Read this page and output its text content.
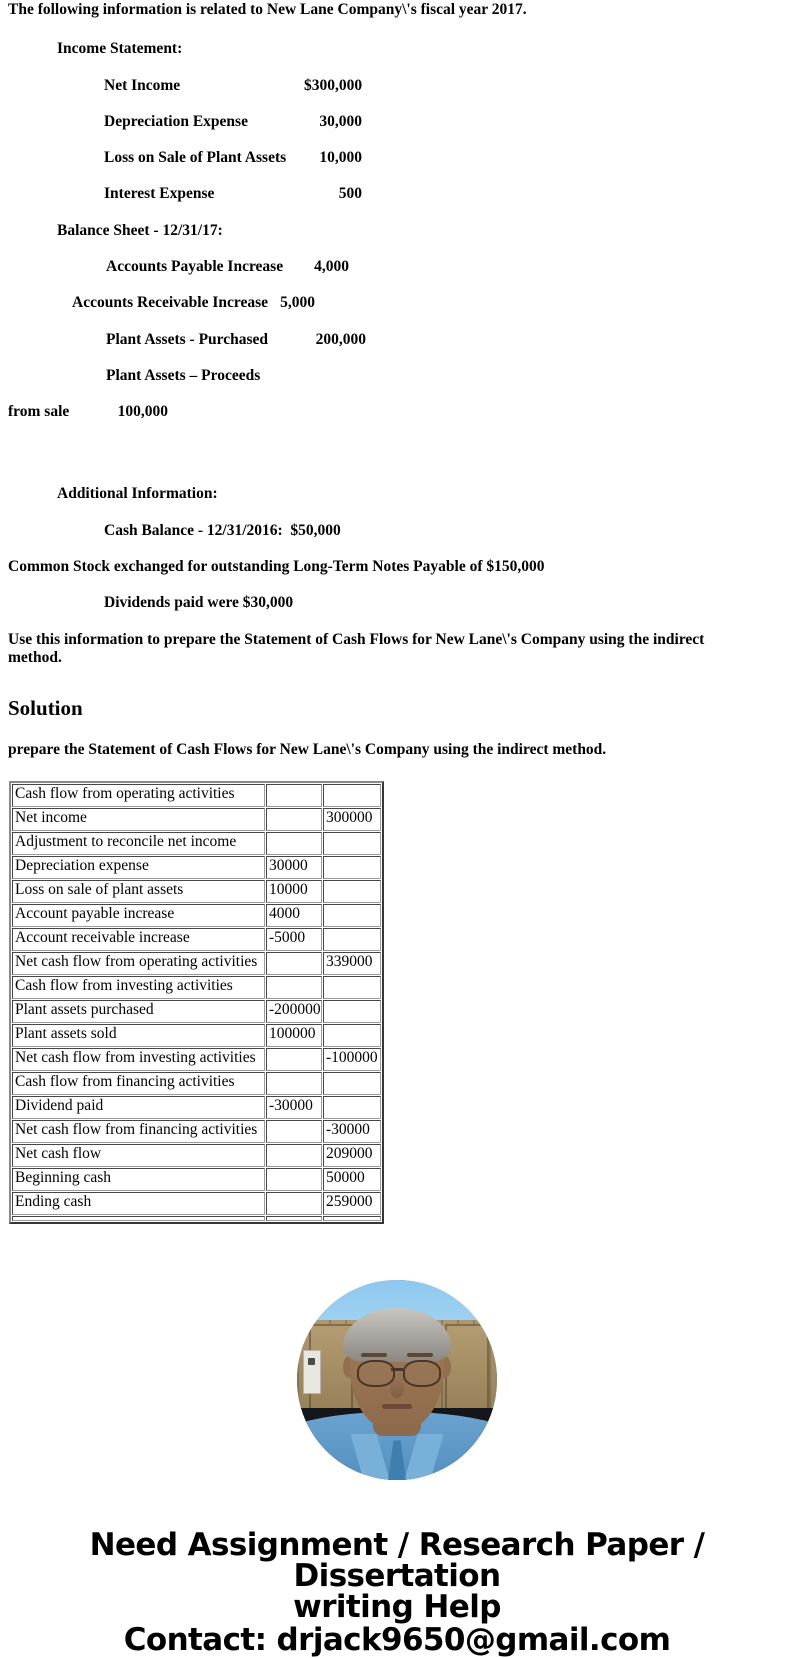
The following information is related to New Lane Company\'s fiscal year 2017.

Income Statement:

Net Income	$300,000
Depreciation Expense	30,000
Loss on Sale of Plant Assets 10,000
Interest Expense	500

Balance Sheet - 12/31/17:

Accounts Payable Increase 4,000
Accounts Receivable Increase 5,000
Plant Assets - Purchased	200,000
Plant Assets – Proceeds
from sale	100,000

Additional Information:

Cash Balance - 12/31/2016:  $50,000

Common Stock exchanged for outstanding Long-Term Notes Payable of $150,000

Dividends paid were $30,000

Use this information to prepare the Statement of Cash Flows for New Lane\'s Company using the indirect method.

Solution

prepare the Statement of Cash Flows for New Lane\'s Company using the indirect method.

Cash flow from operating activities		
Net income		300000
Adjustment to reconcile net income		
Depreciation expense	30000	
Loss on sale of plant assets	10000	
Account payable increase	4000	
Account receivable increase	-5000	
Net cash flow from operating activities		339000
Cash flow from investing activities		
Plant assets purchased	-200000	
Plant assets sold	100000	
Net cash flow from investing activities		-100000
Cash flow from financing activities		
Dividend paid	-30000	
Net cash flow from financing activities		-30000
Net cash flow		209000
Beginning cash		50000
Ending cash		259000

Need Assignment / Research Paper / Dissertation
writing Help
Contact: drjack9650@gmail.com
